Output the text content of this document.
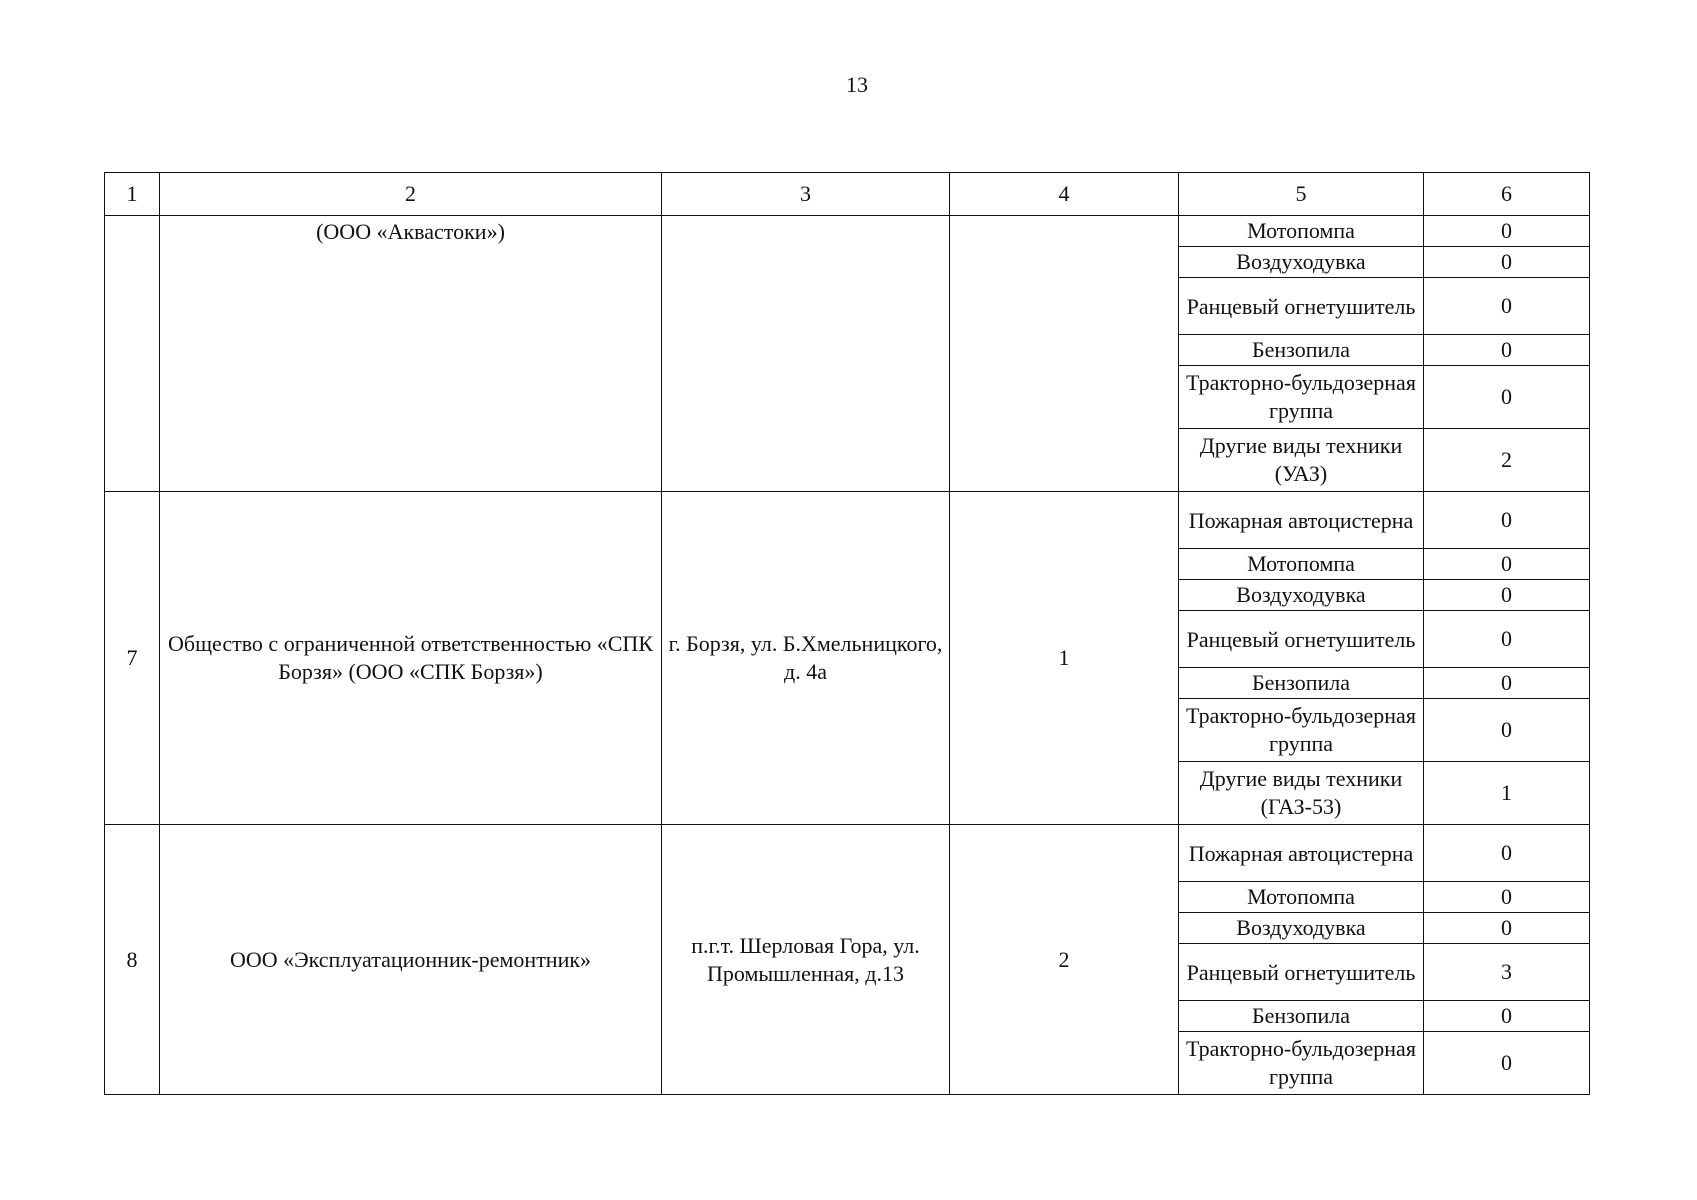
13
1	2	3	4	5	6
	(ООО «Аквастоки»)			Мотопомпа	0
				Воздуходувка	0
				Ранцевый огнетушитель	0
				Бензопила	0
				Тракторно-бульдозерная группа	0
				Другие виды техники (УАЗ)	2
7	Общество с ограниченной ответственностью «СПК Борзя» (ООО «СПК Борзя»)	г. Борзя, ул. Б.Хмельницкого, д. 4а	1	Пожарная автоцистерна	0
				Мотопомпа	0
				Воздуходувка	0
				Ранцевый огнетушитель	0
				Бензопила	0
				Тракторно-бульдозерная группа	0
				Другие виды техники (ГАЗ-53)	1
8	ООО «Эксплуатационник-ремонтник»	п.г.т. Шерловая Гора, ул. Промышленная, д.13	2	Пожарная автоцистерна	0
				Мотопомпа	0
				Воздуходувка	0
				Ранцевый огнетушитель	3
				Бензопила	0
				Тракторно-бульдозерная группа	0
